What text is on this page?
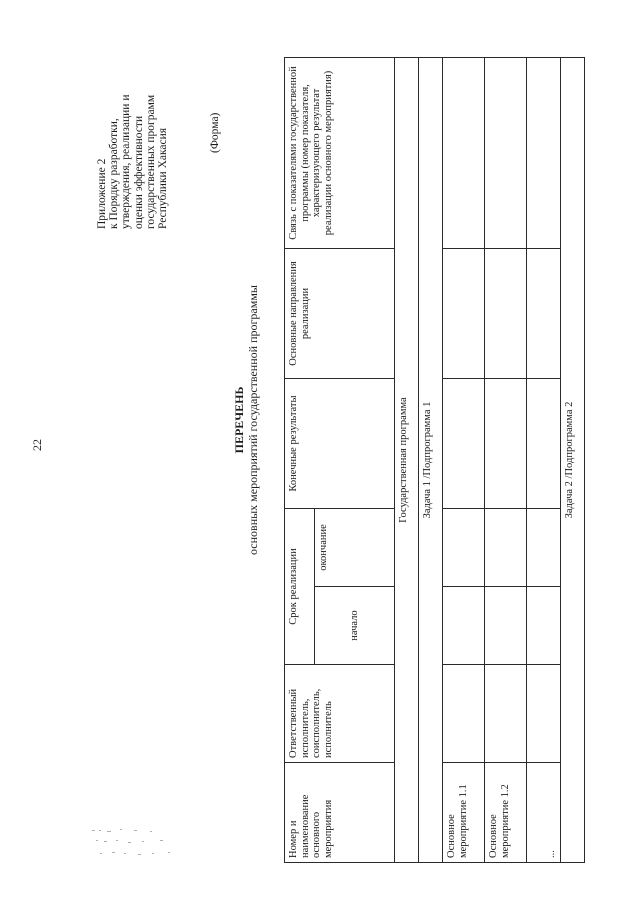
22
Приложение 2 к Порядку разработки, утверждения, реализации и оценки эффективности государственных программ Республики Хакасия	(Форма)
ПЕРЕЧЕНЬ основных мероприятий государственной программы
Номер и наименование основного мероприятия	Ответственный исполнитель, соисполнитель, исполнитель	Срок реализации		Конечные результаты	Основные направления реализации	Связь с показателями государственной программы (номер показателя, характеризующего результат реализации основного мероприятия)
		начало	окончание			
Государственная программа						
Задача 1 /Подпрограмма 1						
Основное мероприятие 1.1						
Основное мероприятие 1.2						
...						
Задача 2 /Подпрограмма 2						
